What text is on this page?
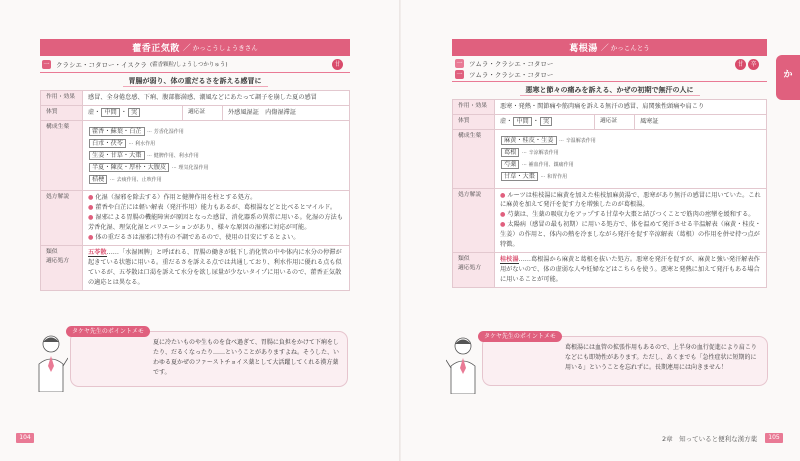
藿香正気散 ／ かっこうしょうきさん
一 クラシエ・コタロー・イスクラ (藿香顆粒/しょうしつかりゅう)	甘
胃腸が弱り、体の重だるさを訴える感冒に
作用・効果	感冒、全身倦怠感、下痢、腹部膨満感、潮風などにあたって調子を崩した夏の感冒		
体質	虚・ 中間 ・ 実	適応証	外感風湿証　内傷湿滞証
構成生薬	藿香・蘇葉・白芷 ⋯ 芳香化湿作用
白朮・茯苓 ⋯ 利水作用
生姜・甘草・大棗 ⋯ 健脾作用、利水作用
半夏・陳皮・厚朴・大腹皮 ⋯ 理気化湿作用
桔梗 ⋯ 去痰作用、止咳作用		

処方解説	● 化湿（湿邪を除去する）作用と健脾作用を柱とする処方。
● 藿香や白芷には軽い解表（発汗作用）能力もあるが、葛根湯などと比べるとマイルド。
● 湿邪による胃腸の機能障害が原因となった感冒、消化器系の異常に用いる。化湿の方法も芳香化湿、理気化湿とバリエーションがあり、様々な原因の湿邪に対応が可能。
● 体の重だるさは湿邪に特有の不調であるので、使用の目安にするとよい。		

類似
適応処方	五苓散……「水湿困脾」と呼ばれる、胃腸の働きが低下し消化管の中や体内に水分の停滞が起きている状態に用いる。重だるさを訴える点では共通しており、利水作用に優れる点も似ているが、五苓散は口渇を訴えて水分を欲し尿量が少ないタイプに用いるので、藿香正気散の適応とは異なる。		
夏に冷たいものや生ものを食べ過ぎて、胃腸に負担をかけて下痢をしたり、だるくなったり……ということがありますよね。そうした、いわゆる夏かぜのファーストチョイス薬として大活躍してくれる漢方薬です。
タケヤ先生のポイントメモ
104
葛根湯 ／ かっこんとう
一 ツムラ・クラシエ・コタロー
一 ツムラ・クラシエ・コタロー
甘	辛
悪寒と節々の痛みを訴える、かぜの初期で無汗の人に
作用・効果	悪寒・発熱・関節痛や筋肉痛を訴える無汗の感冒、肩関強性頭痛や肩こり		
体質	虚・ 中間 ・ 実	適応証	風寒証
構成生薬	麻黄・桂皮・生姜 ⋯ 辛温解表作用
葛根 ⋯ 辛涼解表作用
芍薬 ⋯ 補血作用、鎮痛作用
甘草・大棗 ⋯ 和胃作用		

処方解説	● ルーツは桂枝湯に麻黄を加えた桂枝加麻黄湯で、悪寒があり無汗の感冒に用いていた。これに麻黄を加えて発汗を促す力を増強したのが葛根湯。
● 芍薬は、生薬の吸収力をアップする甘草や大棗と結びつくことで筋肉の痙攣を緩和する。
● 太陽病（感冒の最も初期）に用いる処方で、体を温めて発汗させる辛温解表（麻黄・桂皮・生姜）の作用と、体内の熱を冷ましながら発汗を促す辛涼解表（葛根）の作用を併せ持つ点が特徴。		

類似
適応処方	桂枝湯……葛根湯から麻黄と葛根を抜いた処方。悪寒を発汗を促すが、麻黄と強い発汗解表作用がないので、体の虚弱な人や妊婦などはこちらを使う。悪寒と発熱に加えて発汗もある場合に用いることが可能。		
葛根湯には血管の拡張作用もあるので、上半身の血行促進により肩こりなどにも即効性があります。ただし、あくまでも「急性症状に短期的に用いる」ということを忘れずに。長期連用には向きません！
タケヤ先生のポイントメモ
2章　知っていると便利な漢方薬	105
か
